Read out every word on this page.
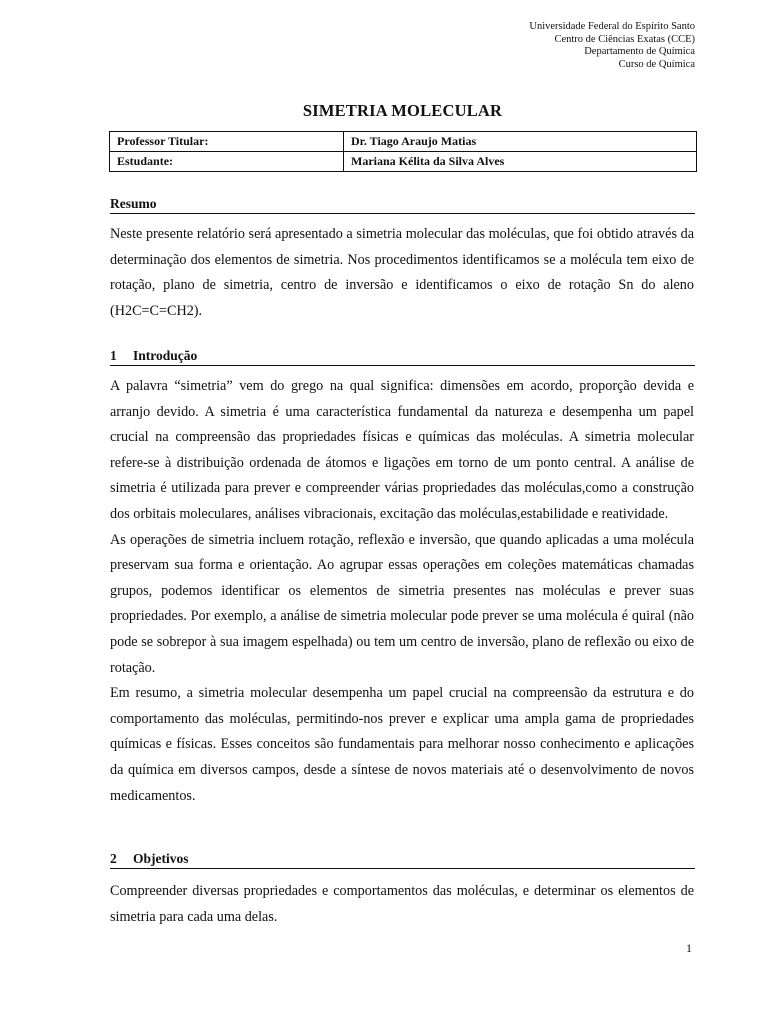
Universidade Federal do Espírito Santo
Centro de Ciências Exatas (CCE)
Departamento de Química
Curso de Química
SIMETRIA MOLECULAR
Professor Titular:	Dr. Tiago Araujo Matias
Estudante:	Mariana Kélita da Silva Alves
Resumo

Neste presente relatório será apresentado a simetria molecular das moléculas, que foi obtido através da determinação dos elementos de simetria. Nos procedimentos identificamos se a molécula tem eixo de rotação, plano de simetria, centro de inversão e identificamos o eixo de rotação Sn do aleno (H2C=C=CH2).

1 Introdução

A palavra “simetria” vem do grego na qual significa: dimensões em acordo, proporção devida e arranjo devido. A simetria é uma característica fundamental da natureza e desempenha um papel crucial na compreensão das propriedades físicas e químicas das moléculas. A simetria molecular refere-se à distribuição ordenada de átomos e ligações em torno de um ponto central. A análise de simetria é utilizada para prever e compreender várias propriedades das moléculas,como a construção dos orbitais moleculares, análises vibracionais, excitação das moléculas,estabilidade e reatividade.

As operações de simetria incluem rotação, reflexão e inversão, que quando aplicadas a uma molécula preservam sua forma e orientação. Ao agrupar essas operações em coleções matemáticas chamadas grupos, podemos identificar os elementos de simetria presentes nas moléculas e prever suas propriedades. Por exemplo, a análise de simetria molecular pode prever se uma molécula é quiral (não pode se sobrepor à sua imagem espelhada) ou tem um centro de inversão, plano de reflexão ou eixo de rotação.

Em resumo, a simetria molecular desempenha um papel crucial na compreensão da estrutura e do comportamento das moléculas, permitindo-nos prever e explicar uma ampla gama de propriedades químicas e físicas. Esses conceitos são fundamentais para melhorar nosso conhecimento e aplicações da química em diversos campos, desde a síntese de novos materiais até o desenvolvimento de novos medicamentos.

2 Objetivos

Compreender diversas propriedades e comportamentos das moléculas, e determinar os elementos de simetria para cada uma delas.

1
